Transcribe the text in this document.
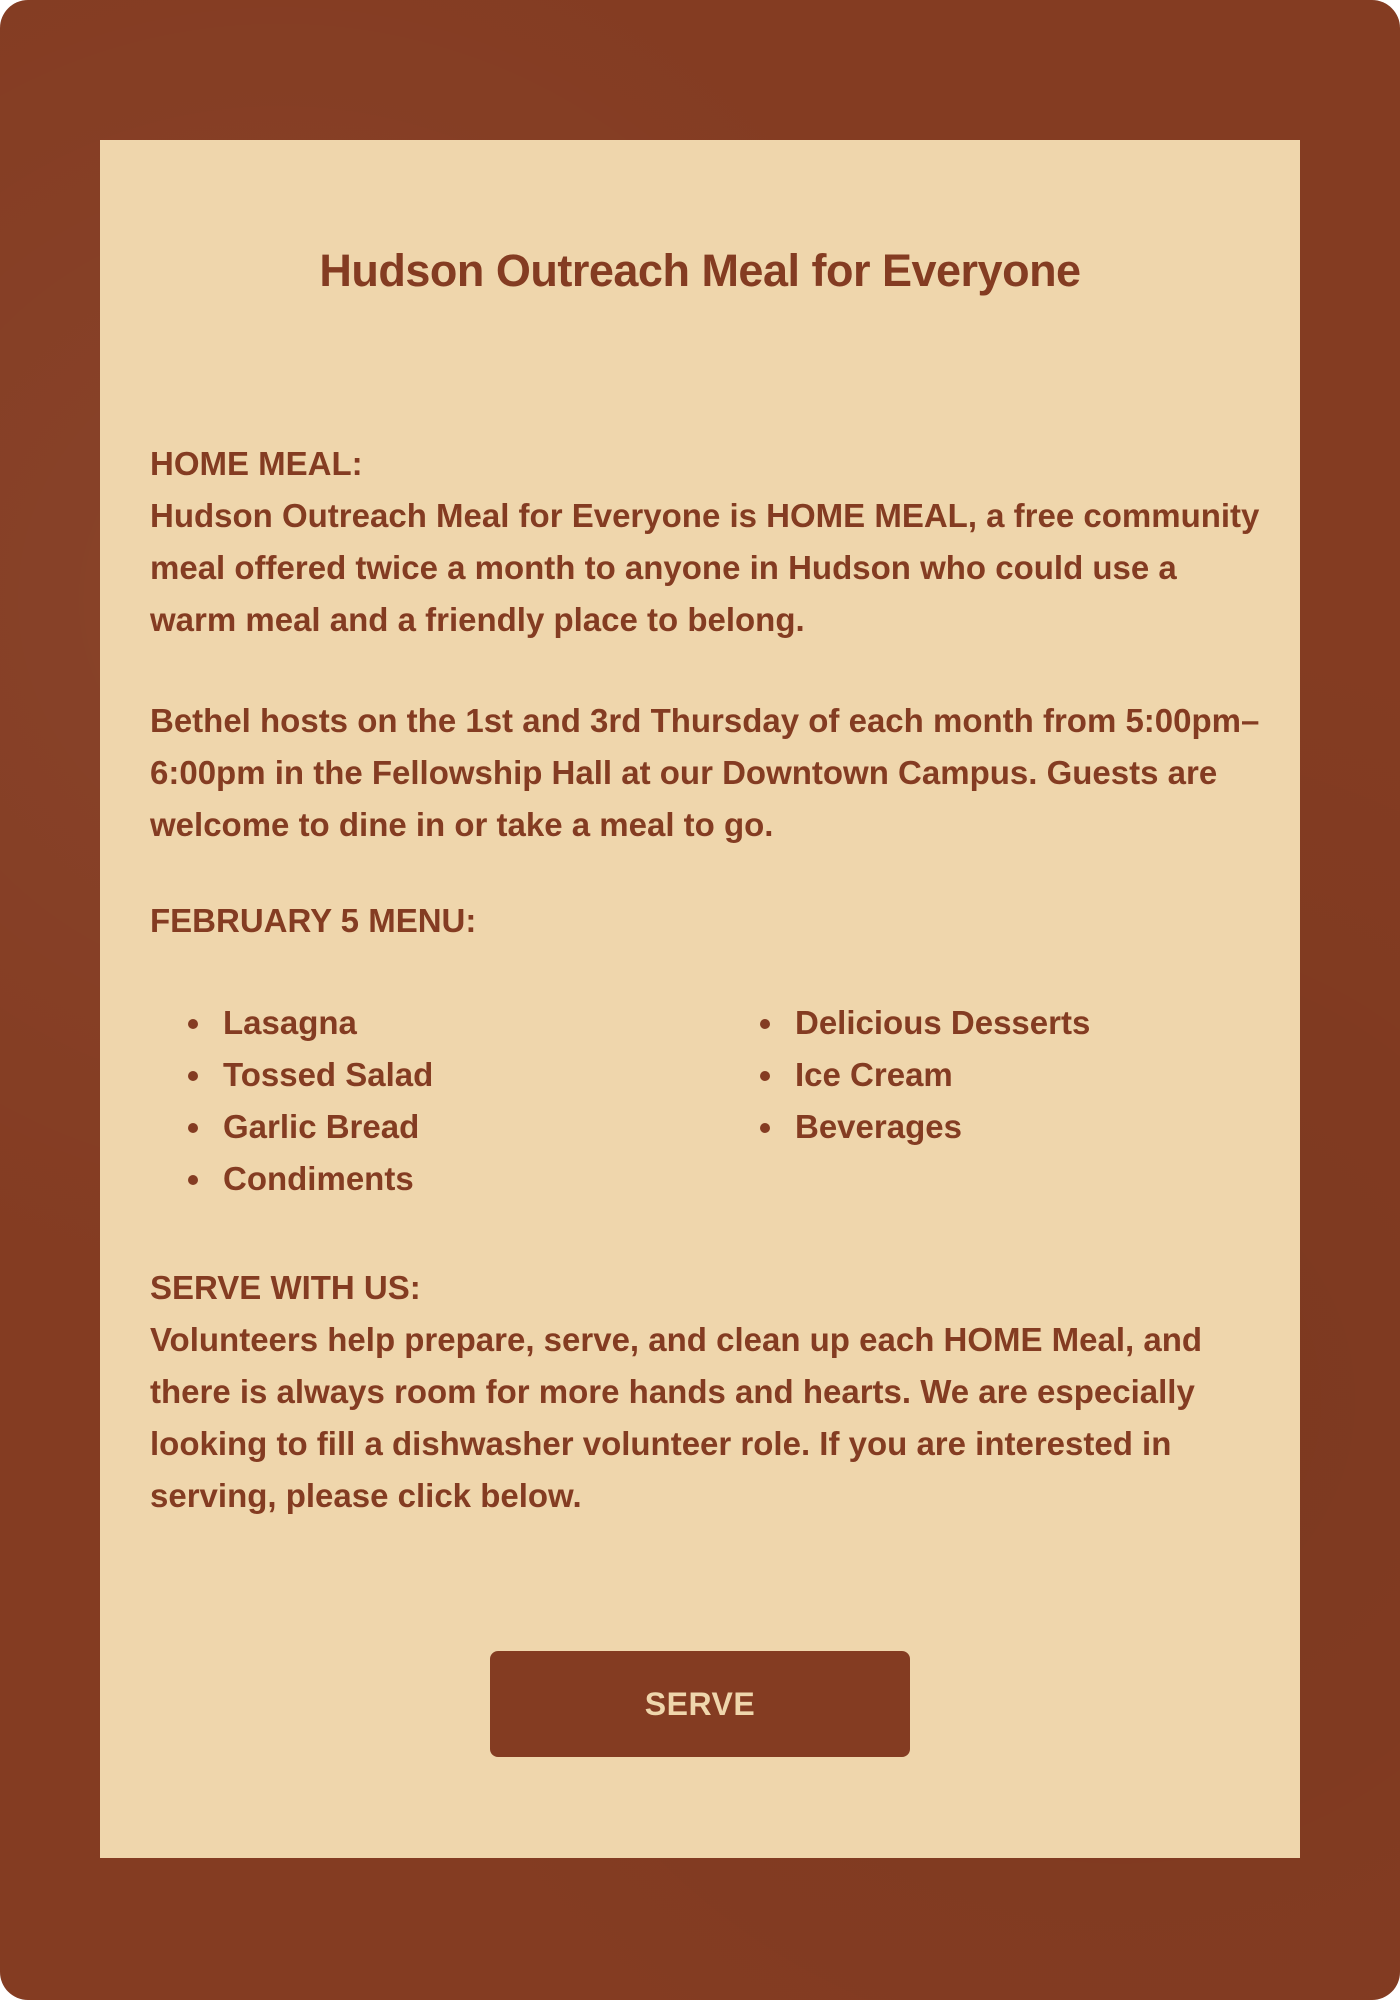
Hudson Outreach Meal for Everyone

HOME MEAL:
Hudson Outreach Meal for Everyone is HOME MEAL, a free community meal offered twice a month to anyone in Hudson who could use a warm meal and a friendly place to belong.

Bethel hosts on the 1st and 3rd Thursday of each month from 5:00pm–6:00pm in the Fellowship Hall at our Downtown Campus. Guests are welcome to dine in or take a meal to go.

FEBRUARY 5 MENU:

Lasagna
Tossed Salad
Garlic Bread
Condiments
Delicious Desserts
Ice Cream
Beverages

SERVE WITH US:
Volunteers help prepare, serve, and clean up each HOME Meal, and there is always room for more hands and hearts. We are especially looking to fill a dishwasher volunteer role. If you are interested in serving, please click below.

SERVE
